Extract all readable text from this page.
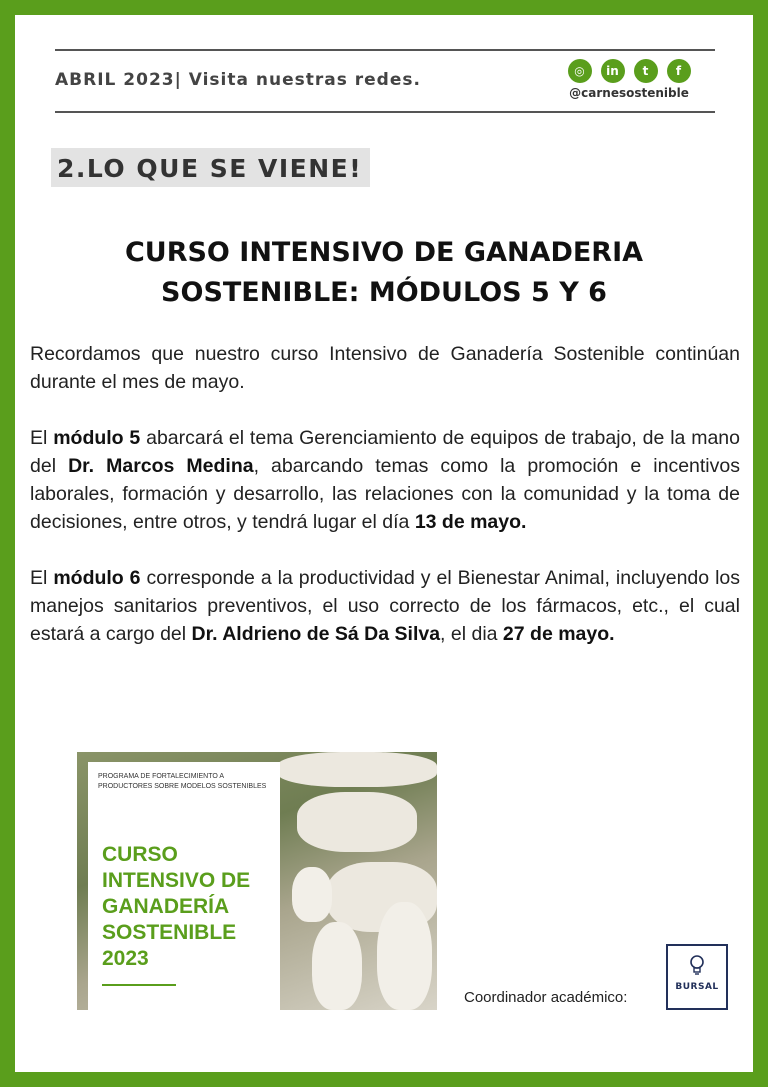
ABRIL 2023| Visita nuestras redes.	◎	in	t	f
@carnesostenible
2.LO QUE SE VIENE!
CURSO INTENSIVO DE GANADERIA
SOSTENIBLE: MÓDULOS 5 Y 6

Recordamos que nuestro curso Intensivo de Ganadería Sostenible continúan durante el mes de mayo.

El módulo 5 abarcará el tema Gerenciamiento de equipos de trabajo, de la mano del Dr. Marcos Medina, abarcando temas como la promoción e incentivos laborales, formación y desarrollo, las relaciones con la comunidad y la toma de decisiones, entre otros, y tendrá lugar el día 13 de mayo.

El módulo 6 corresponde a la productividad y el Bienestar Animal, incluyendo los manejos sanitarios preventivos, el uso correcto de los fármacos, etc., el cual estará a cargo del Dr. Aldrieno de Sá Da Silva, el dia 27 de mayo.

PROGRAMA DE FORTALECIMIENTO A PRODUCTORES SOBRE MODELOS SOSTENIBLES
CURSO
INTENSIVO DE
GANADERÍA
SOSTENIBLE
2023
Coordinador académico:
BURSAL
